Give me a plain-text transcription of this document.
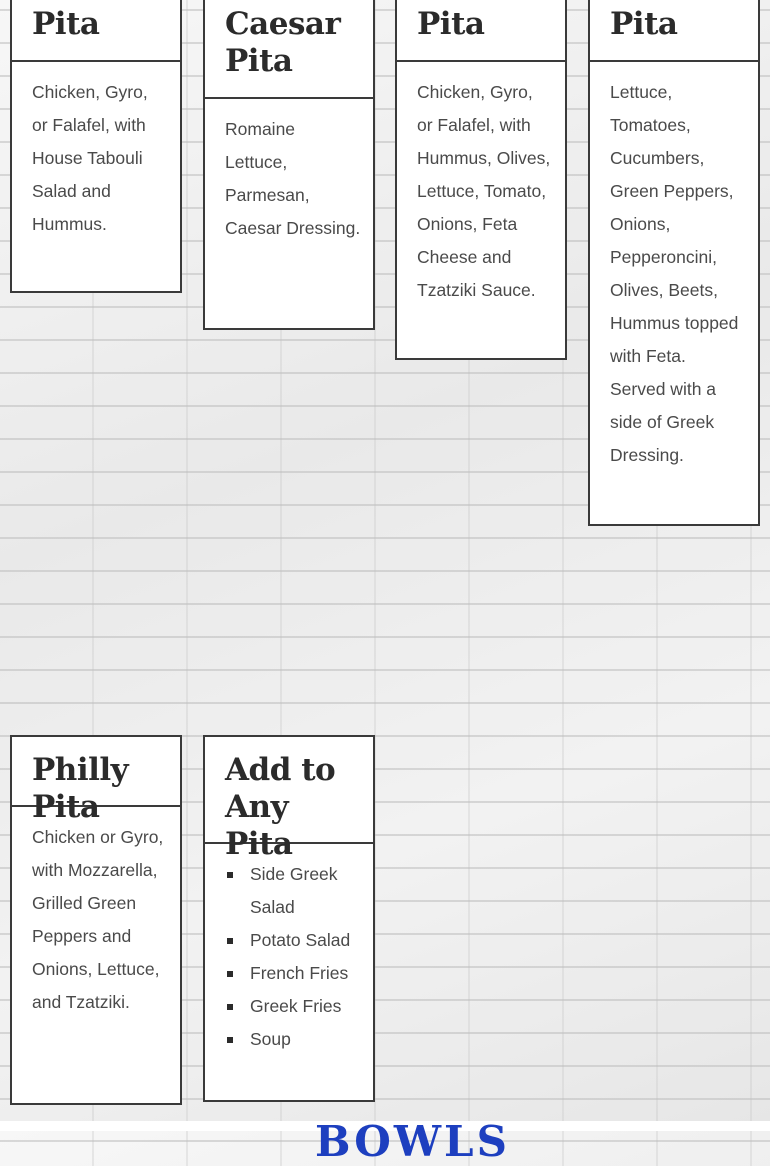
Pita
Chicken, Gyro, or Falafel, with House Tabouli Salad and Hummus.
Caesar
Pita
Romaine Lettuce, Parmesan, Caesar Dressing.
Pita
Chicken, Gyro, or Falafel, with Hummus, Olives, Lettuce, Tomato, Onions, Feta Cheese and Tzatziki Sauce.
Pita
Lettuce, Tomatoes, Cucumbers, Green Peppers, Onions, Pepperoncini, Olives, Beets, Hummus topped with Feta. Served with a side of Greek Dressing.
Philly Pita
Chicken or Gyro, with Mozzarella, Grilled Green Peppers and Onions, Lettuce, and Tzatziki.
Add to
Any Pita
Side Greek Salad
Potato Salad
French Fries
Greek Fries
Soup
BOWLS
